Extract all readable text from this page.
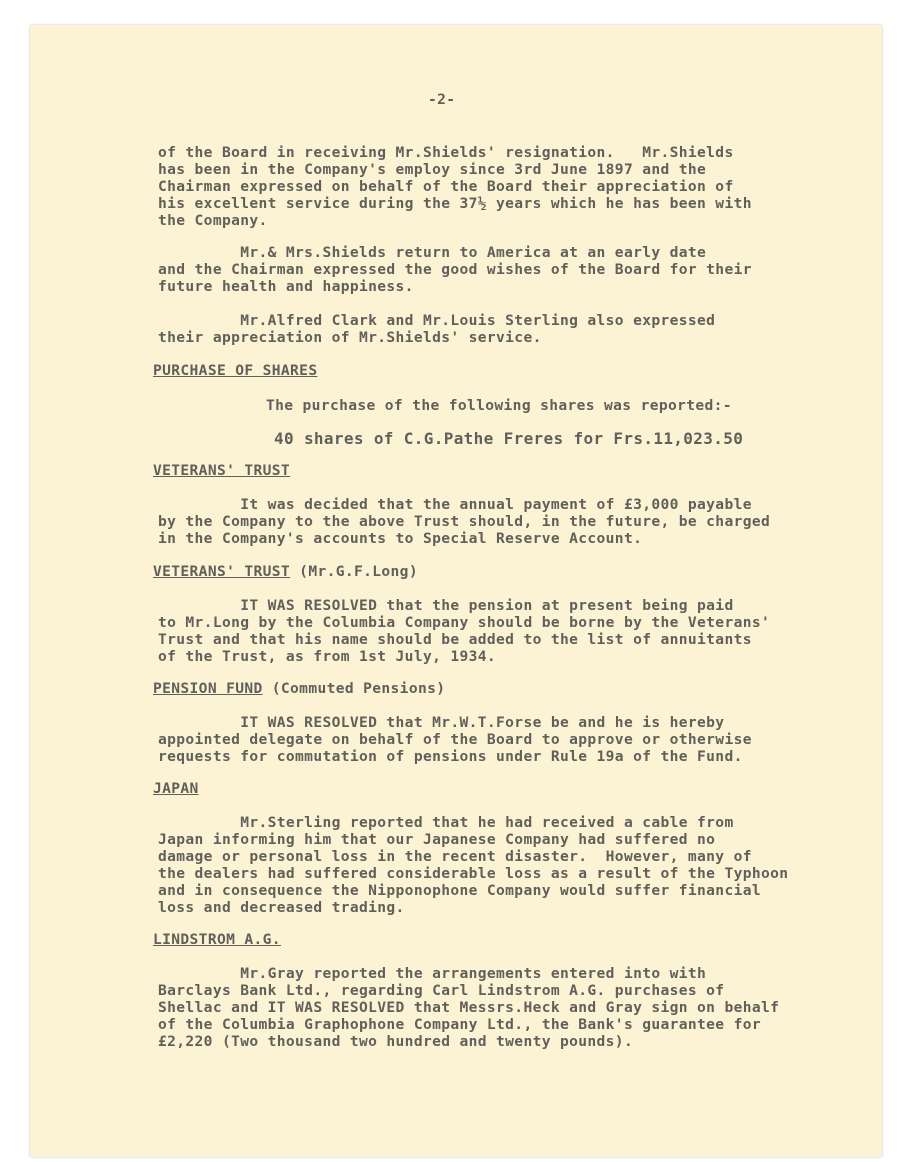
-2-
of the Board in receiving Mr.Shields' resignation.   Mr.Shields
has been in the Company's employ since 3rd June 1897 and the
Chairman expressed on behalf of the Board their appreciation of
his excellent service during the 37½ years which he has been with
the Company.
Mr.& Mrs.Shields return to America at an early date
and the Chairman expressed the good wishes of the Board for their
future health and happiness.
Mr.Alfred Clark and Mr.Louis Sterling also expressed
their appreciation of Mr.Shields' service.
PURCHASE OF SHARES
The purchase of the following shares was reported:-
40 shares of C.G.Pathe Freres for Frs.11,023.50
VETERANS' TRUST
It was decided that the annual payment of £3,000 payable
by the Company to the above Trust should, in the future, be charged
in the Company's accounts to Special Reserve Account.
VETERANS' TRUST (Mr.G.F.Long)
IT WAS RESOLVED that the pension at present being paid
to Mr.Long by the Columbia Company should be borne by the Veterans'
Trust and that his name should be added to the list of annuitants
of the Trust, as from 1st July, 1934.
PENSION FUND (Commuted Pensions)
IT WAS RESOLVED that Mr.W.T.Forse be and he is hereby
appointed delegate on behalf of the Board to approve or otherwise
requests for commutation of pensions under Rule 19a of the Fund.
JAPAN
Mr.Sterling reported that he had received a cable from
Japan informing him that our Japanese Company had suffered no
damage or personal loss in the recent disaster.  However, many of
the dealers had suffered considerable loss as a result of the Typhoon
and in consequence the Nipponophone Company would suffer financial
loss and decreased trading.
LINDSTROM A.G.
Mr.Gray reported the arrangements entered into with
Barclays Bank Ltd., regarding Carl Lindstrom A.G. purchases of
Shellac and IT WAS RESOLVED that Messrs.Heck and Gray sign on behalf
of the Columbia Graphophone Company Ltd., the Bank's guarantee for
£2,220 (Two thousand two hundred and twenty pounds).
